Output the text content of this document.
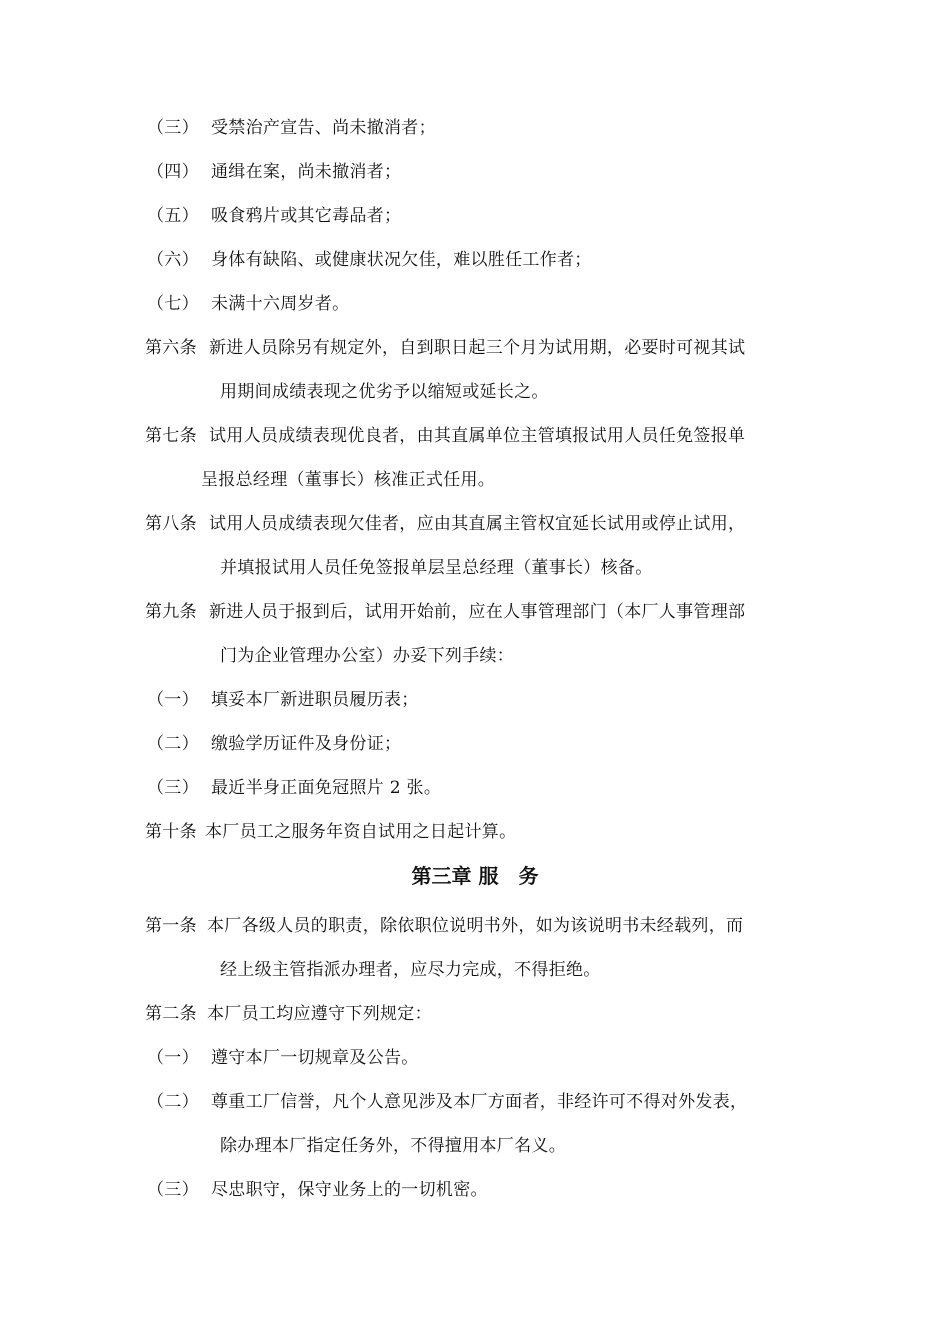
（三） 受禁治产宣告、尚未撤消者；
（四） 通缉在案，尚未撤消者；
（五） 吸食鸦片或其它毒品者；
（六） 身体有缺陷、或健康状况欠佳，难以胜任工作者；
（七） 未满十六周岁者。
第六条 新进人员除另有规定外，自到职日起三个月为试用期，必要时可视其试
用期间成绩表现之优劣予以缩短或延长之。
第七条 试用人员成绩表现优良者，由其直属单位主管填报试用人员任免签报单
呈报总经理（董事长）核准正式任用。
第八条 试用人员成绩表现欠佳者，应由其直属主管权宜延长试用或停止试用，
并填报试用人员任免签报单层呈总经理（董事长）核备。
第九条 新进人员于报到后，试用开始前，应在人事管理部门（本厂人事管理部
门为企业管理办公室）办妥下列手续：
（一） 填妥本厂新进职员履历表；
（二） 缴验学历证件及身份证；
（三） 最近半身正面免冠照片 2 张。
第十条 本厂员工之服务年资自试用之日起计算。
第三章 服　务
第一条 本厂各级人员的职责，除依职位说明书外，如为该说明书未经载列，而
经上级主管指派办理者，应尽力完成，不得拒绝。
第二条 本厂员工均应遵守下列规定：
（一） 遵守本厂一切规章及公告。
（二） 尊重工厂信誉，凡个人意见涉及本厂方面者，非经许可不得对外发表，
除办理本厂指定任务外，不得擅用本厂名义。
（三） 尽忠职守，保守业务上的一切机密。
